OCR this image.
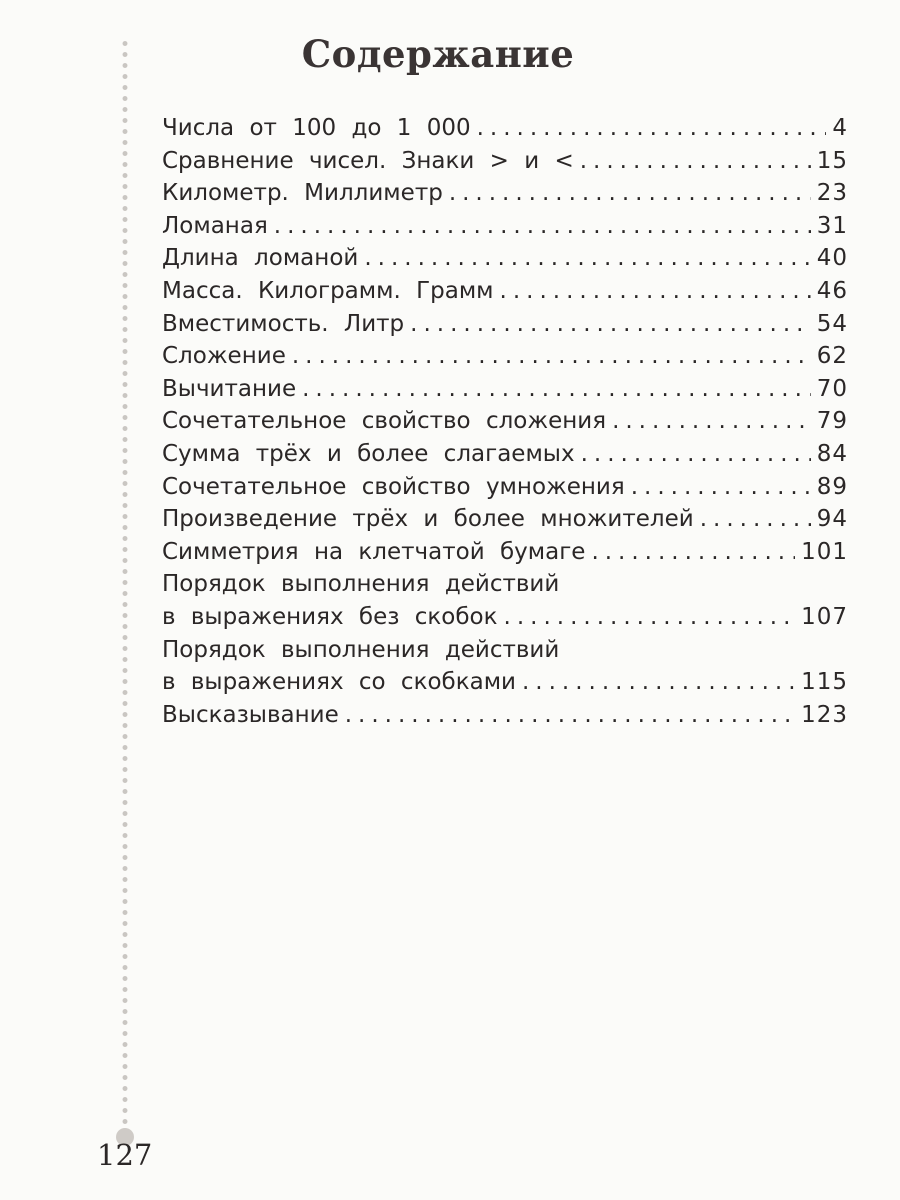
Содержание
Числа от 100 до 1 000 .....	4
Сравнение чисел. Знаки > и < .....	15
Километр. Миллиметр .....	23
Ломаная .....	31
Длина ломаной .....	40
Масса. Килограмм. Грамм .....	46
Вместимость. Литр .....	54
Сложение .....	62
Вычитание .....	70
Сочетательное свойство сложения .....	79
Сумма трёх и более слагаемых .....	84
Сочетательное свойство умножения .....	89
Произведение трёх и более множителей .....	94
Симметрия на клетчатой бумаге .....	101
Порядок выполнения действий
в выражениях без скобок .....	107
Порядок выполнения действий
в выражениях со скобками .....	115
Высказывание .....	123
127
